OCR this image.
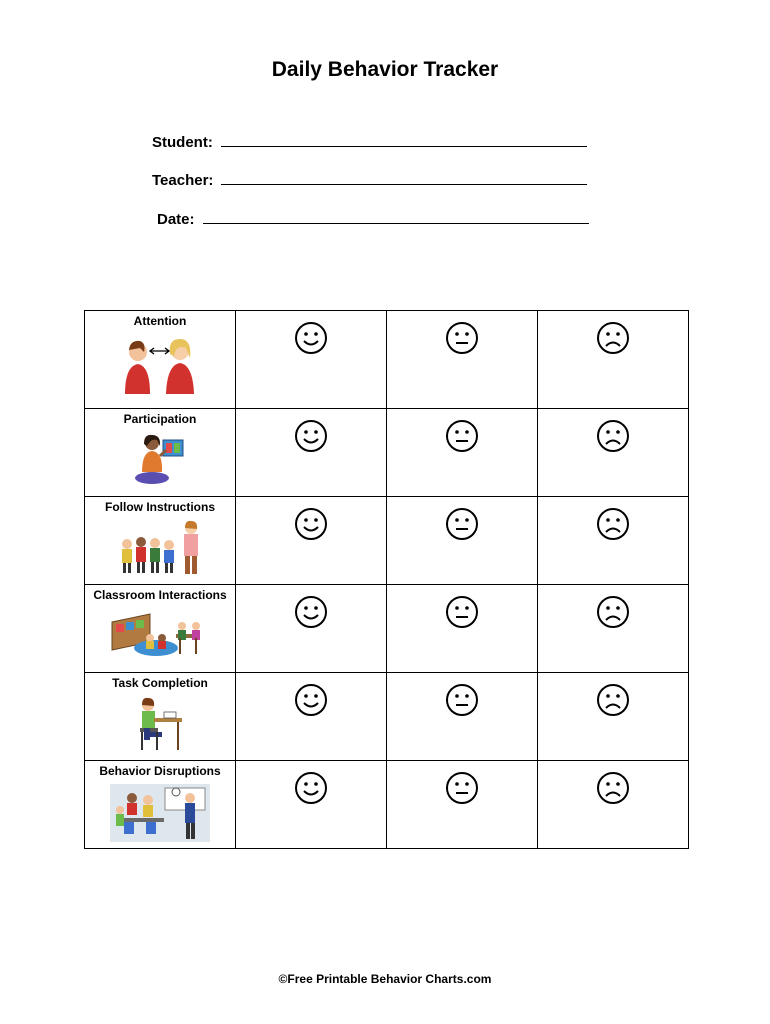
Daily Behavior Tracker
Student:
Teacher:
Date:
Attention

Participation

Follow Instructions

Classroom Interactions

Task Completion

Behavior Disruptions

©Free Printable Behavior Charts.com
